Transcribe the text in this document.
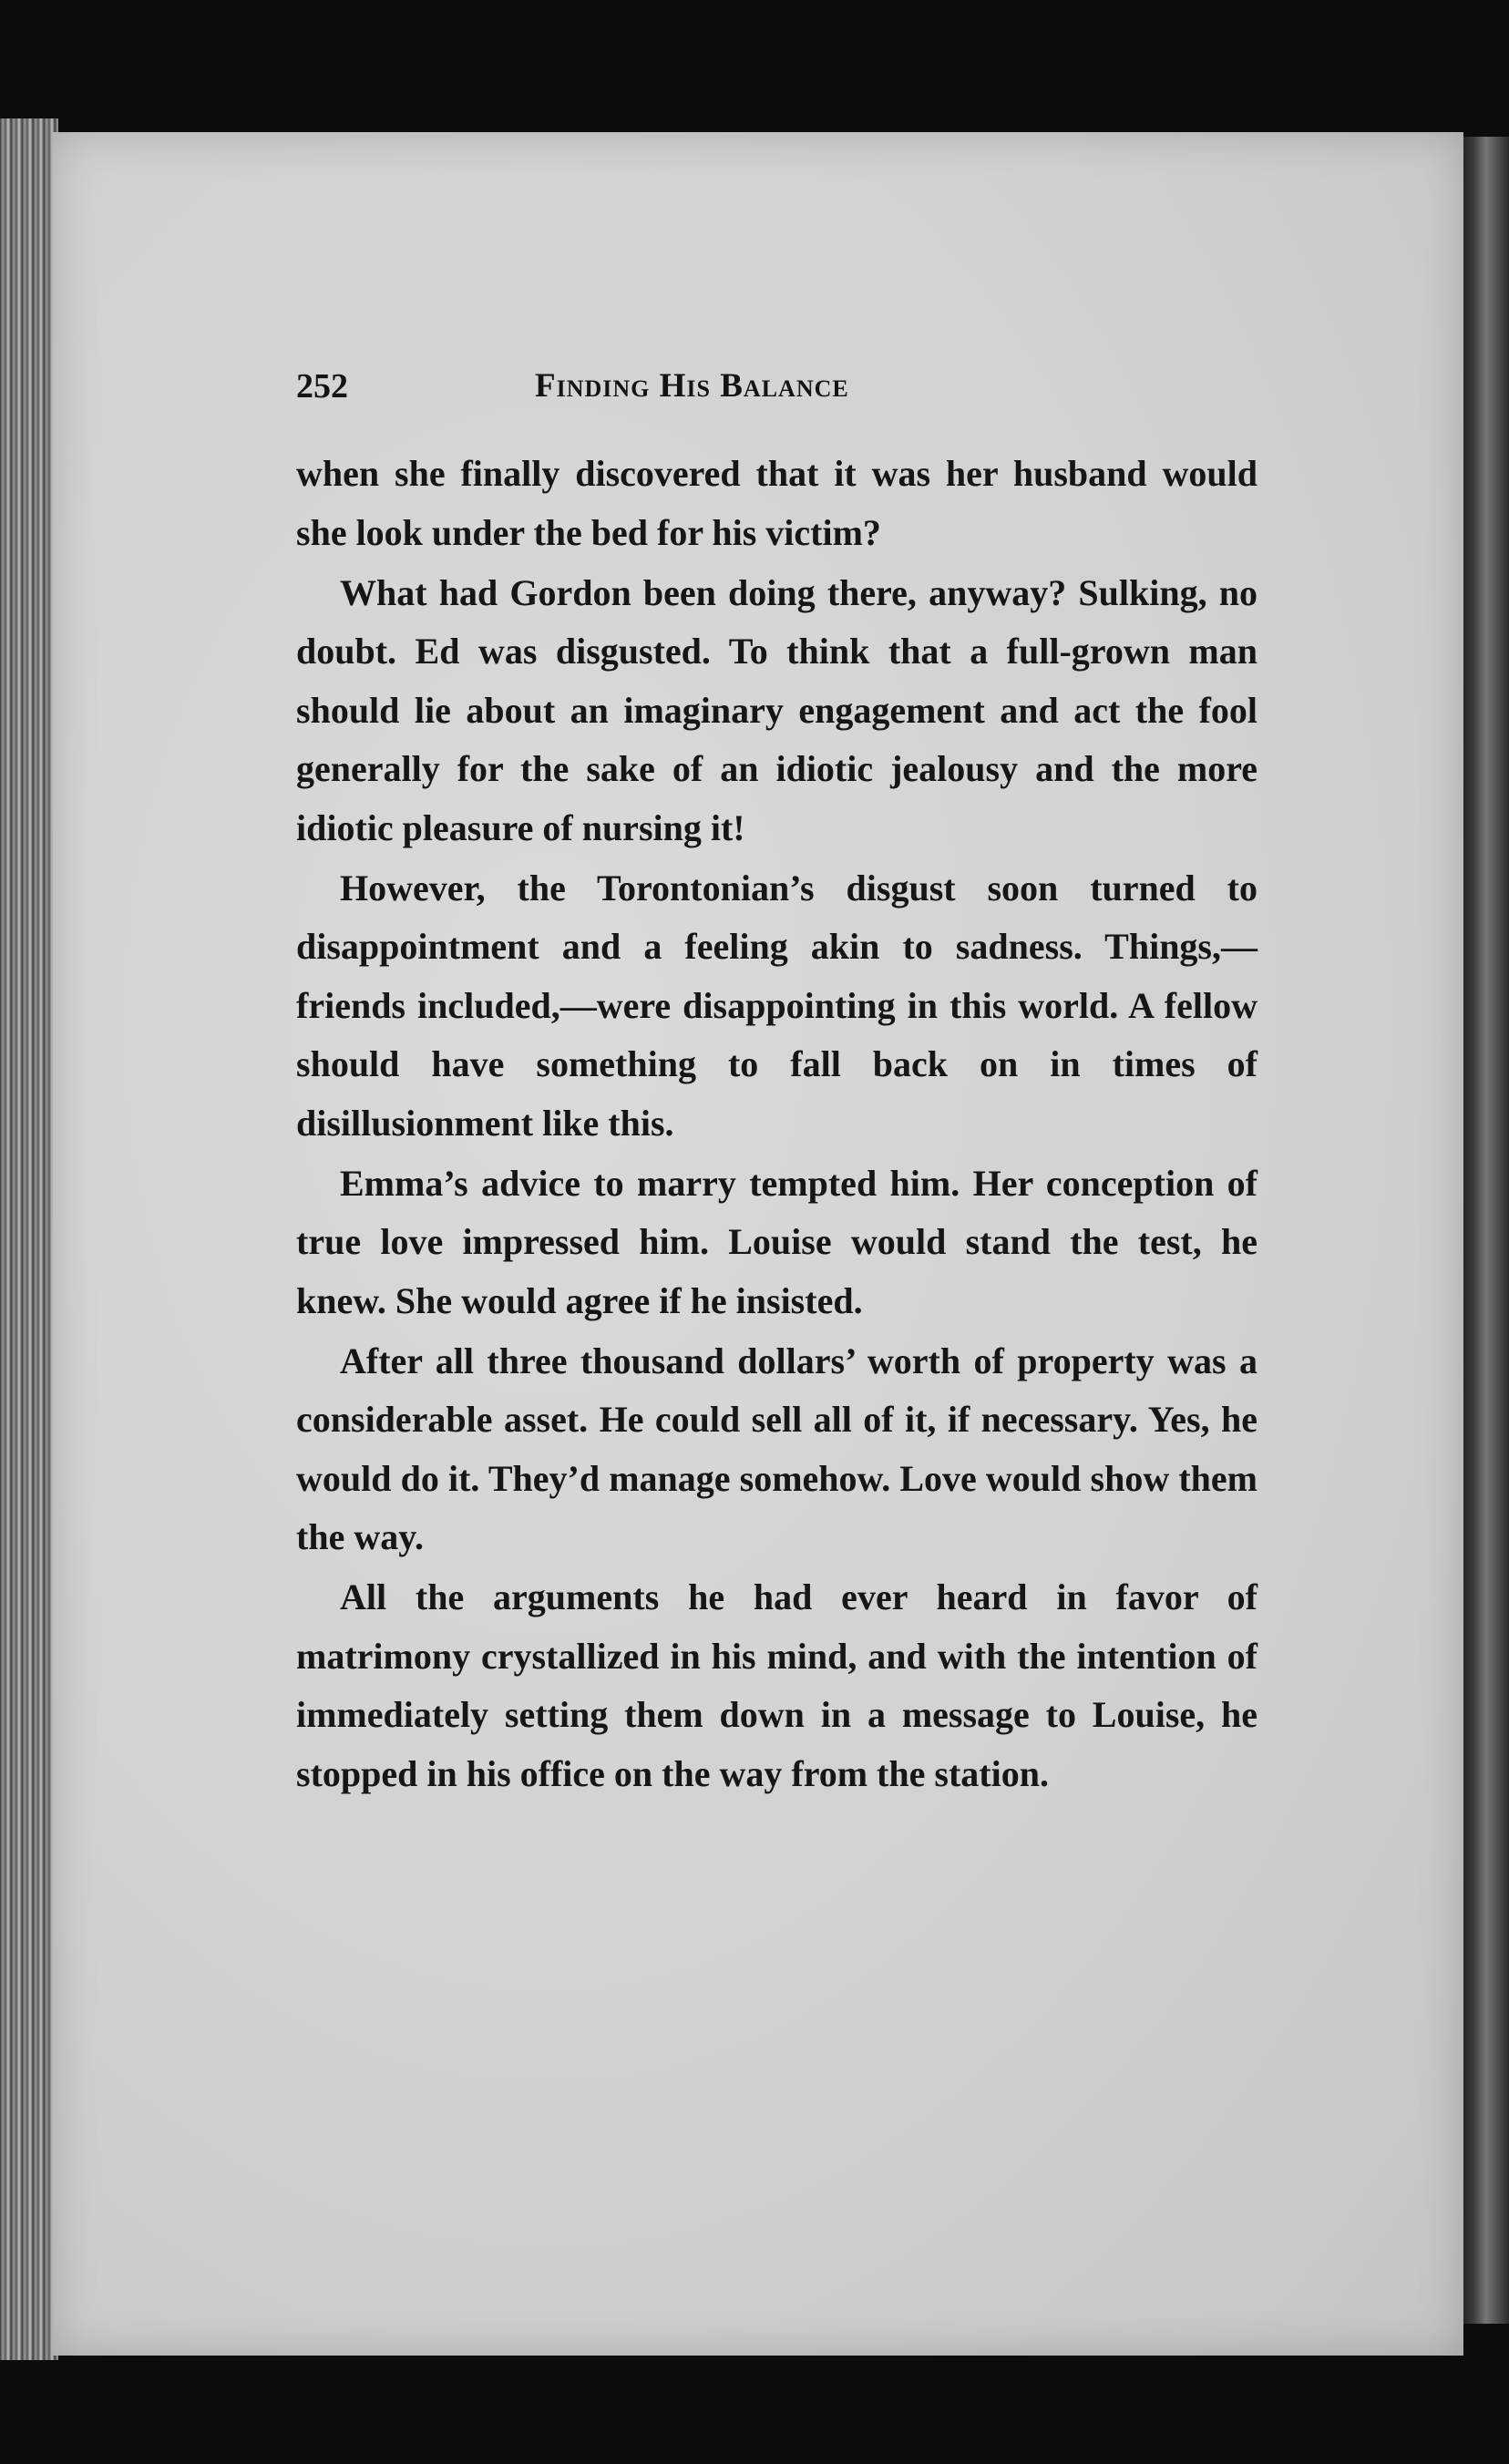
252	Finding His Balance

when she finally discovered that it was her husband would she look under the bed for his victim?

What had Gordon been doing there, anyway? Sulking, no doubt. Ed was disgusted. To think that a full-grown man should lie about an imaginary engagement and act the fool generally for the sake of an idiotic jealousy and the more idiotic pleasure of nursing it!

However, the Torontonian’s disgust soon turned to disappointment and a feeling akin to sadness. Things,—friends included,—were disappointing in this world. A fellow should have something to fall back on in times of disillusionment like this.

Emma’s advice to marry tempted him. Her conception of true love impressed him. Louise would stand the test, he knew. She would agree if he insisted.

After all three thousand dollars’ worth of property was a considerable asset. He could sell all of it, if necessary. Yes, he would do it. They’d manage somehow. Love would show them the way.

All the arguments he had ever heard in favor of matrimony crystallized in his mind, and with the intention of immediately setting them down in a message to Louise, he stopped in his office on the way from the station.
